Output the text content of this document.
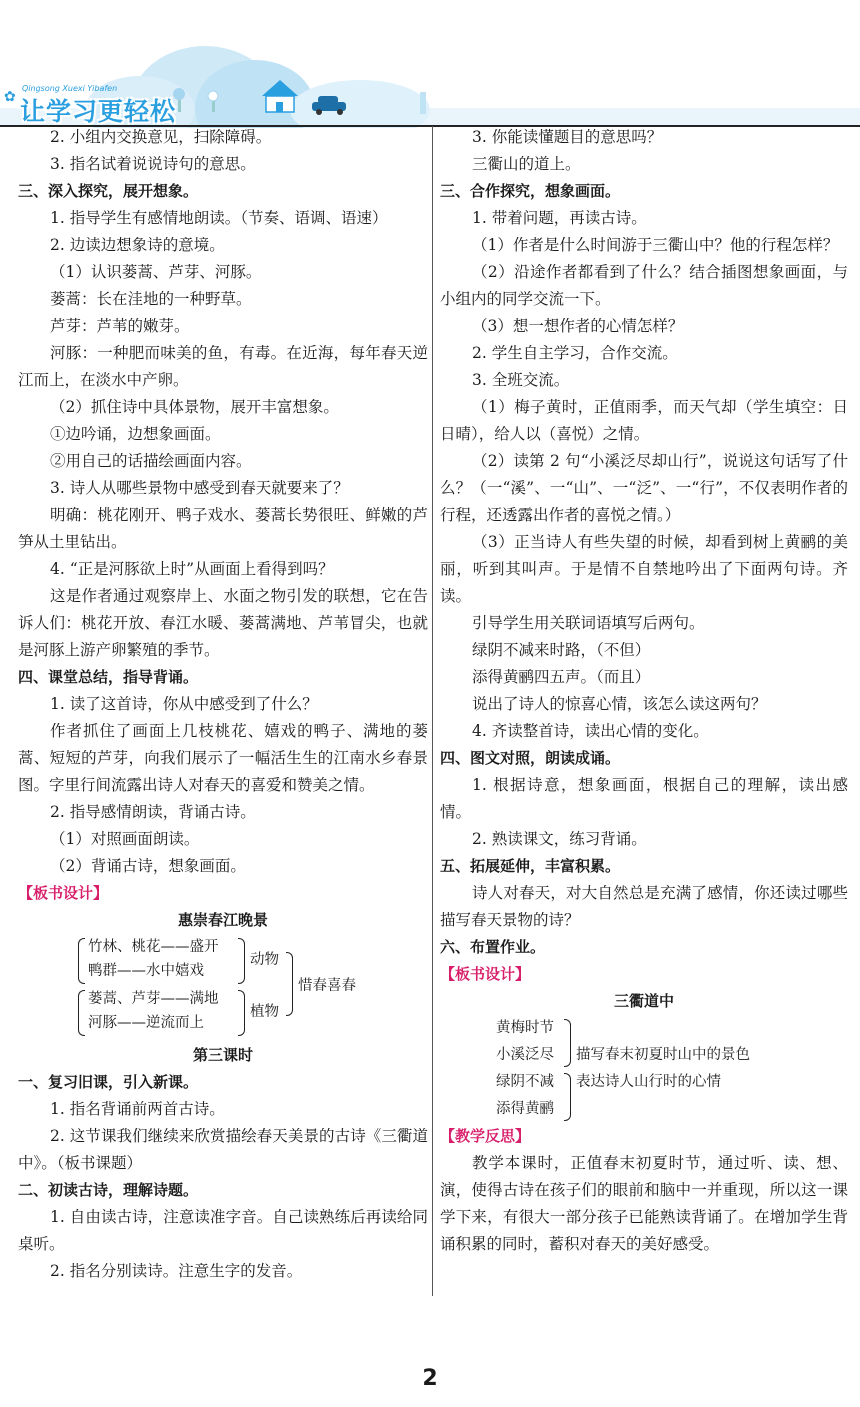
✿
Qingsong Xuexi Yibafen
让学习更轻松
2. 小组内交换意见，扫除障碍。
3. 指名试着说说诗句的意思。
三、深入探究，展开想象。
1. 指导学生有感情地朗读。（节奏、语调、语速）
2. 边读边想象诗的意境。
（1）认识蒌蒿、芦芽、河豚。
蒌蒿：长在洼地的一种野草。
芦芽：芦苇的嫩芽。
河豚：一种肥而味美的鱼，有毒。在近海，每年春天逆江而上，在淡水中产卵。
（2）抓住诗中具体景物，展开丰富想象。
①边吟诵，边想象画面。
②用自己的话描绘画面内容。
3. 诗人从哪些景物中感受到春天就要来了？
明确：桃花刚开、鸭子戏水、蒌蒿长势很旺、鲜嫩的芦笋从土里钻出。
4. “正是河豚欲上时”从画面上看得到吗？
这是作者通过观察岸上、水面之物引发的联想，它在告诉人们：桃花开放、春江水暖、蒌蒿满地、芦苇冒尖，也就是河豚上游产卵繁殖的季节。
四、课堂总结，指导背诵。
1. 读了这首诗，你从中感受到了什么？
作者抓住了画面上几枝桃花、嬉戏的鸭子、满地的蒌蒿、短短的芦芽，向我们展示了一幅活生生的江南水乡春景图。字里行间流露出诗人对春天的喜爱和赞美之情。
2. 指导感情朗读，背诵古诗。
（1）对照画面朗读。
（2）背诵古诗，想象画面。
【板书设计】
惠崇春江晚景
竹林、桃花——盛开
鸭群——水中嬉戏
动物
蒌蒿、芦芽——满地
河豚——逆流而上
植物
惜春喜春
第三课时
一、复习旧课，引入新课。
1. 指名背诵前两首古诗。
2. 这节课我们继续来欣赏描绘春天美景的古诗《三衢道中》。（板书课题）
二、初读古诗，理解诗题。
1. 自由读古诗，注意读准字音。自己读熟练后再读给同桌听。
2. 指名分别读诗。注意生字的发音。
3. 你能读懂题目的意思吗？
三衢山的道上。
三、合作探究，想象画面。
1. 带着问题，再读古诗。
（1）作者是什么时间游于三衢山中？他的行程怎样？
（2）沿途作者都看到了什么？结合插图想象画面，与小组内的同学交流一下。
（3）想一想作者的心情怎样？
2. 学生自主学习，合作交流。
3. 全班交流。
（1）梅子黄时，正值雨季，而天气却（学生填空：日日晴），给人以（喜悦）之情。
（2）读第 2 句“小溪泛尽却山行”，说说这句话写了什么？（一“溪”、一“山”、一“泛”、一“行”，不仅表明作者的行程，还透露出作者的喜悦之情。）
（3）正当诗人有些失望的时候，却看到树上黄鹂的美丽，听到其叫声。于是情不自禁地吟出了下面两句诗。齐读。
引导学生用关联词语填写后两句。
绿阴不减来时路，（不但）
添得黄鹂四五声。（而且）
说出了诗人的惊喜心情，该怎么读这两句？
4. 齐读整首诗，读出心情的变化。
四、图文对照，朗读成诵。
1. 根据诗意，想象画面，根据自己的理解，读出感情。
2. 熟读课文，练习背诵。
五、拓展延伸，丰富积累。
诗人对春天，对大自然总是充满了感情，你还读过哪些描写春天景物的诗？
六、布置作业。
【板书设计】
三衢道中
黄梅时节
小溪泛尽 描写春末初夏时山中的景色
绿阴不减
添得黄鹂
表达诗人山行时的心情
【教学反思】
教学本课时，正值春末初夏时节，通过听、读、想、演，使得古诗在孩子们的眼前和脑中一并重现，所以这一课学下来，有很大一部分孩子已能熟读背诵了。在增加学生背诵积累的同时，蓄积对春天的美好感受。
2
